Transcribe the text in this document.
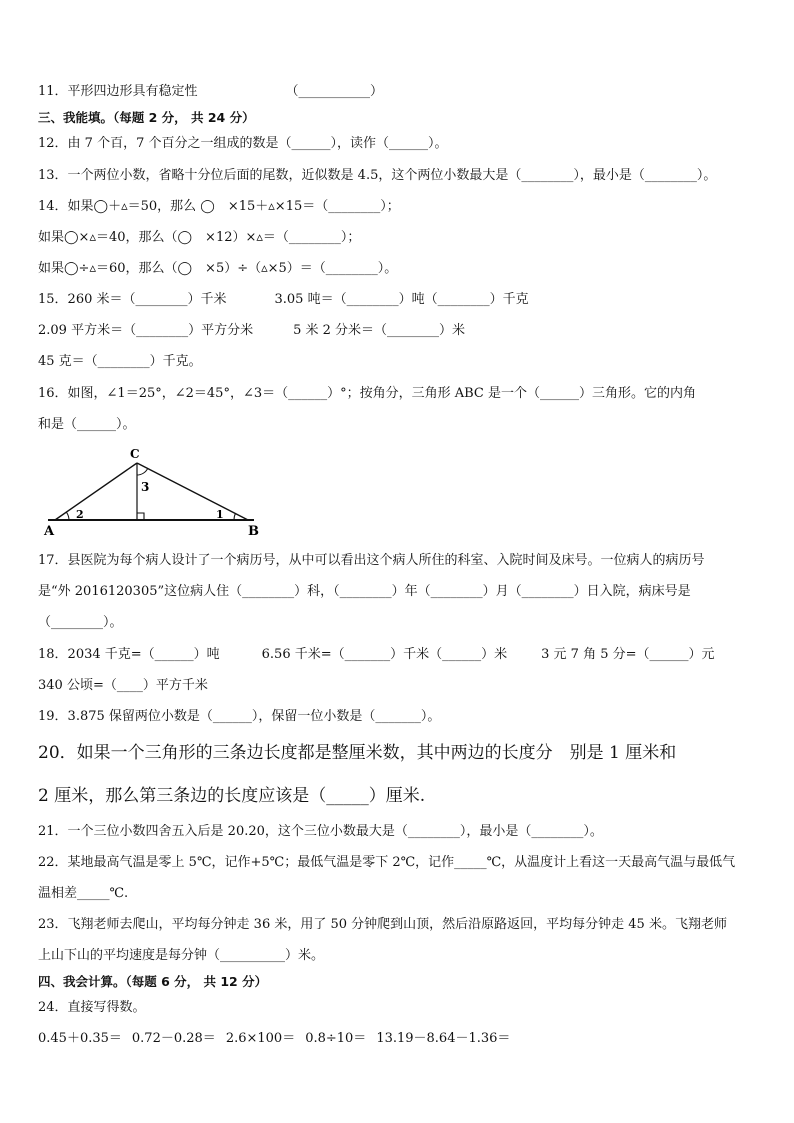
11．平形四边形具有稳定性	（___________）
三、我能填。（每题 2 分， 共 24 分）
12．由 7 个百，7 个百分之一组成的数是（______），读作（______）。
13．一个两位小数，省略十分位后面的尾数，近似数是 4.5，这个两位小数最大是（________），最小是（________）。
14．如果◯＋▵＝50，那么 ◯　×15＋▵×15＝（________）；
如果◯×▵＝40，那么（◯　×12）×▵＝（________）；
如果◯÷▵＝60，那么（◯　×5）÷（▵×5）＝（________）。
15．260 米＝（________）千米	3.05 吨＝（________）吨（________）千克
2.09 平方米＝（________）平方分米	5 米 2 分米＝（________）米
45 克＝（________）千克。
16．如图，∠1＝25°，∠2＝45°，∠3＝（______）°；按角分，三角形 ABC 是一个（______）三角形。它的内角
和是（______）。
C
3
A	B
2	1
17．县医院为每个病人设计了一个病历号，从中可以看出这个病人所住的科室、入院时间及床号。一位病人的病历号
是“外 2016120305”这位病人住（________）科，（________）年（________）月（________）日入院，病床号是
（________）。
18．2034 千克=（______）吨	6.56 千米=（_______）千米（______）米	3 元 7 角 5 分=（______）元
340 公顷=（____）平方千米
19．3.875 保留两位小数是（______），保留一位小数是（_______）。
20．如果一个三角形的三条边长度都是整厘米数，其中两边的长度分　别是 1 厘米和
2 厘米，那么第三条边的长度应该是（_____）厘米.
21．一个三位小数四舍五入后是 20.20，这个三位小数最大是（________），最小是（________）。
22．某地最高气温是零上 5℃，记作+5℃；最低气温是零下 2℃，记作_____℃，从温度计上看这一天最高气温与最低气
温相差_____℃.
23．飞翔老师去爬山，平均每分钟走 36 米，用了 50 分钟爬到山顶，然后沿原路返回，平均每分钟走 45 米。飞翔老师
上山下山的平均速度是每分钟（__________）米。
四、我会计算。（每题 6 分， 共 12 分）
24．直接写得数。
0.45＋0.35＝ 0.72－0.28＝ 2.6×100＝ 0.8÷10＝ 13.19－8.64－1.36＝
